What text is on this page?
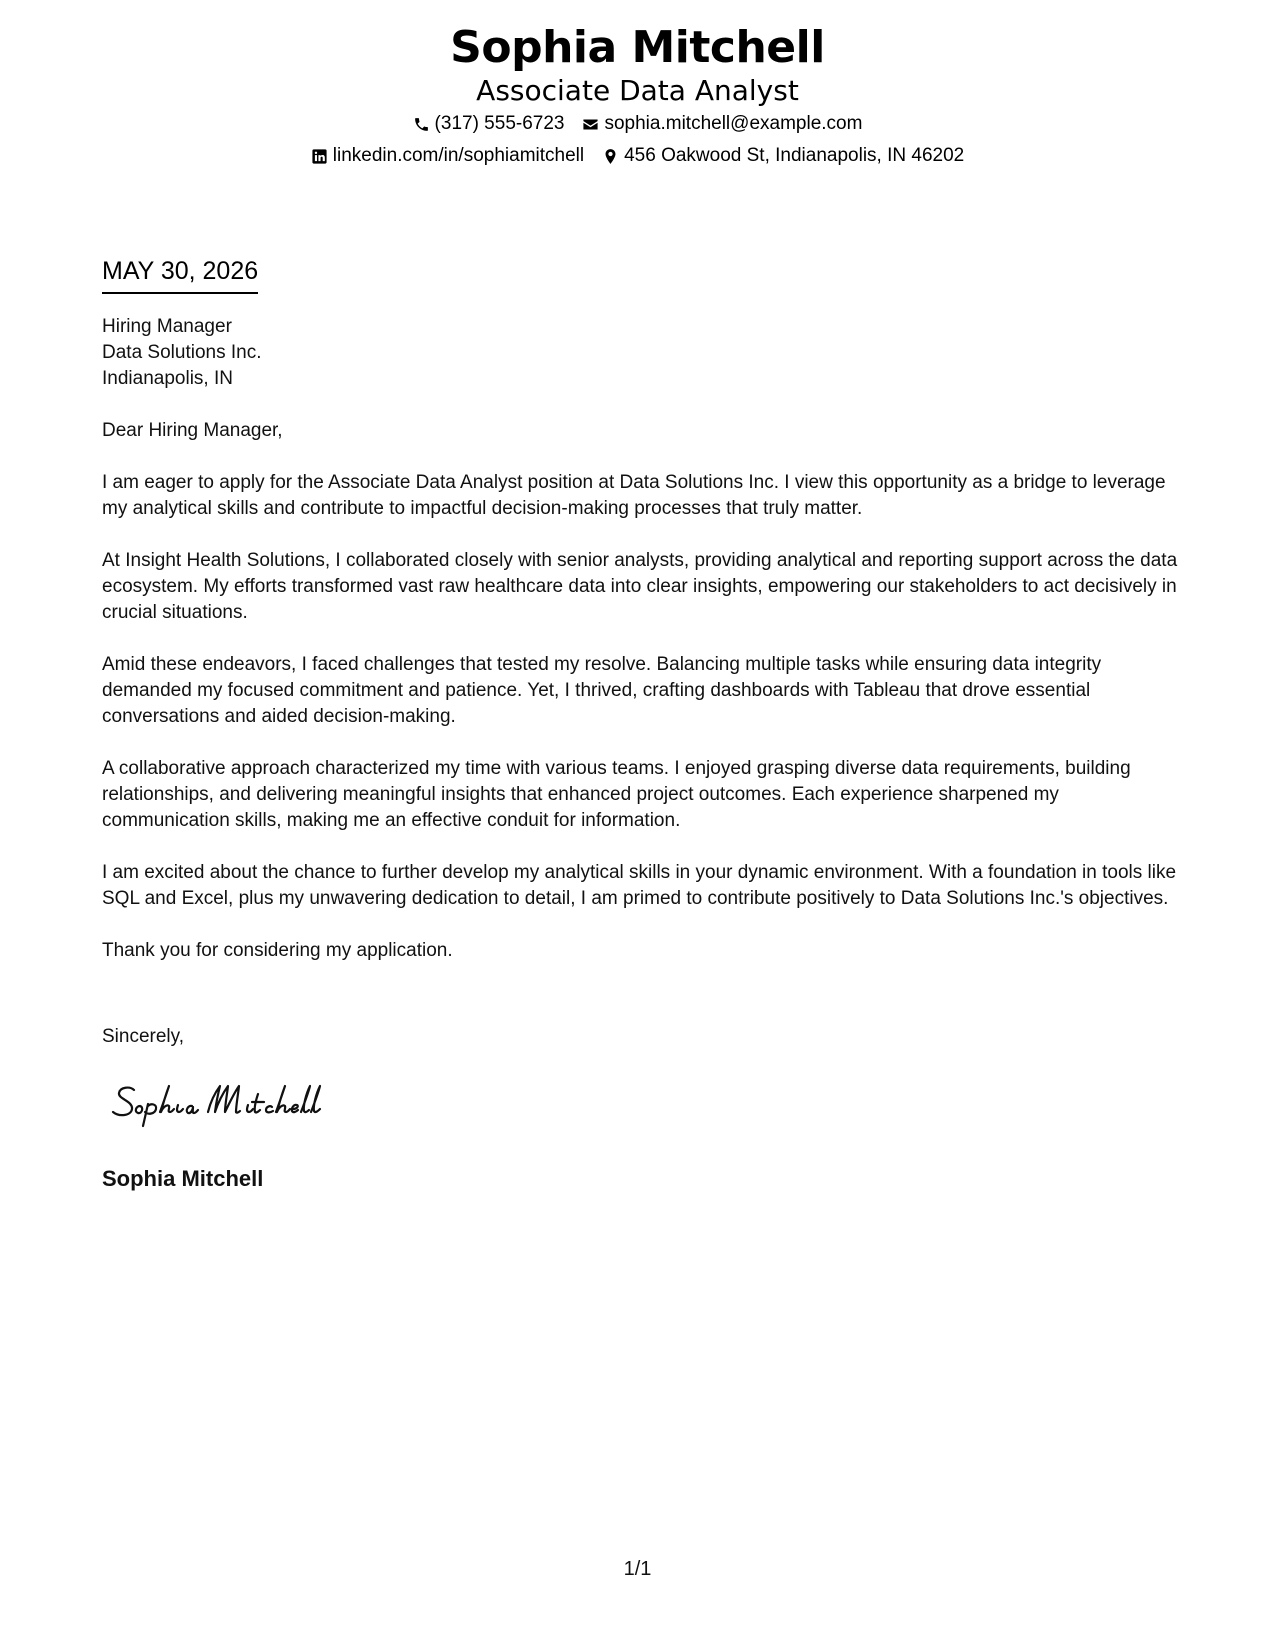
Sophia Mitchell
Associate Data Analyst
(317) 555-6723 sophia.mitchell@example.com
linkedin.com/in/sophiamitchell 456 Oakwood St, Indianapolis, IN 46202
MAY 30, 2026
Hiring Manager
Data Solutions Inc.
Indianapolis, IN

Dear Hiring Manager,

I am eager to apply for the Associate Data Analyst position at Data Solutions Inc. I view this opportunity as a bridge to leverage my analytical skills and contribute to impactful decision-making processes that truly matter.

At Insight Health Solutions, I collaborated closely with senior analysts, providing analytical and reporting support across the data ecosystem. My efforts transformed vast raw healthcare data into clear insights, empowering our stakeholders to act decisively in crucial situations.

Amid these endeavors, I faced challenges that tested my resolve. Balancing multiple tasks while ensuring data integrity demanded my focused commitment and patience. Yet, I thrived, crafting dashboards with Tableau that drove essential conversations and aided decision-making.

A collaborative approach characterized my time with various teams. I enjoyed grasping diverse data requirements, building relationships, and delivering meaningful insights that enhanced project outcomes. Each experience sharpened my communication skills, making me an effective conduit for information.

I am excited about the chance to further develop my analytical skills in your dynamic environment. With a foundation in tools like SQL and Excel, plus my unwavering dedication to detail, I am primed to contribute positively to Data Solutions Inc.'s objectives.

Thank you for considering my application.

Sincerely,
Sophia Mitchell
1/1
